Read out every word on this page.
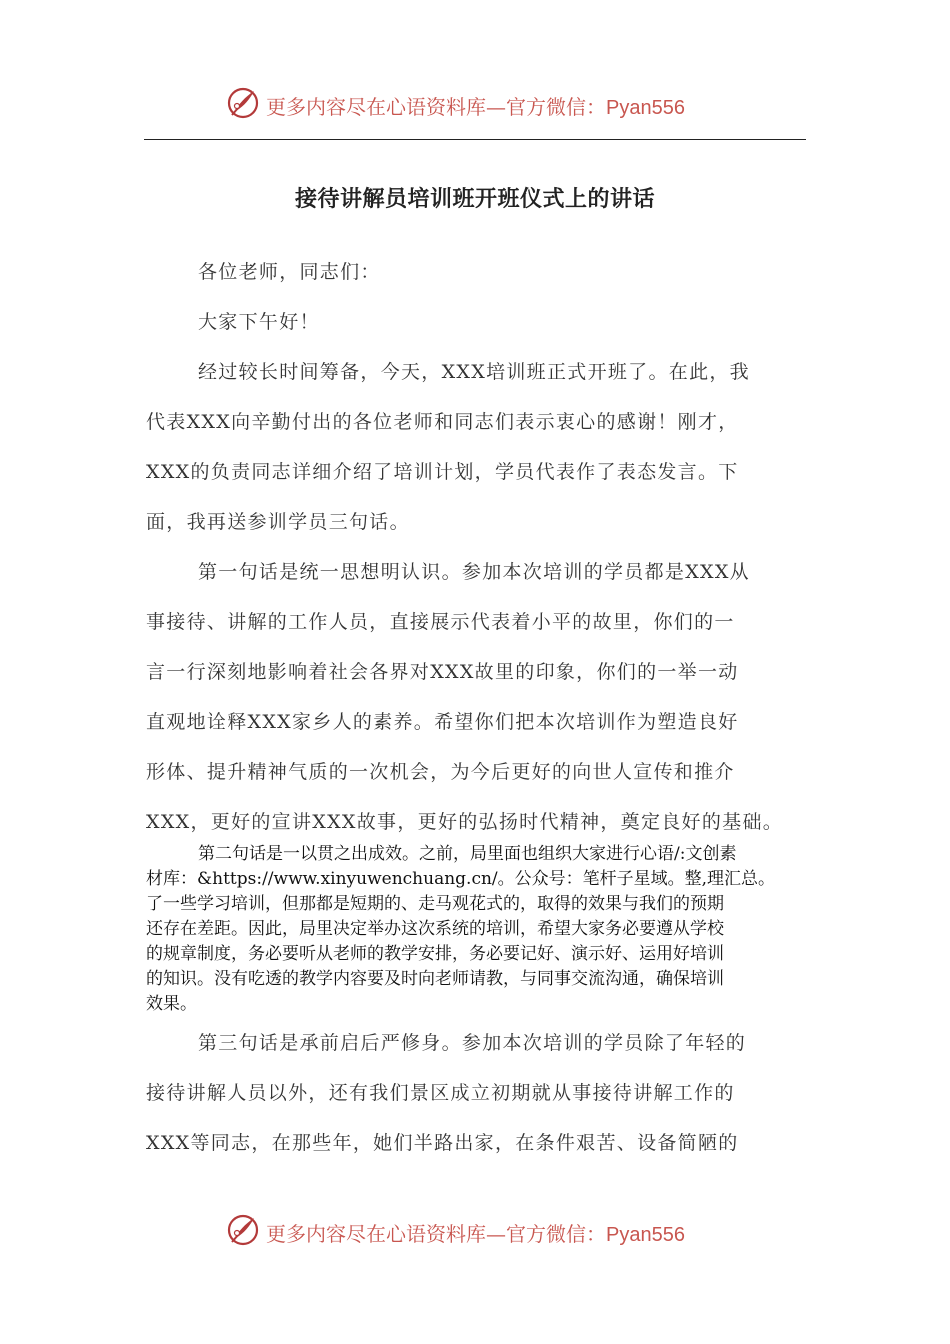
更多内容尽在心语资料库—官方微信：Pyan556
接待讲解员培训班开班仪式上的讲话
各位老师，同志们：
大家下午好！
经过较长时间筹备，今天，XXX培训班正式开班了。在此，我
代表XXX向辛勤付出的各位老师和同志们表示衷心的感谢！刚才，
XXX的负责同志详细介绍了培训计划，学员代表作了表态发言。下
面，我再送参训学员三句话。
第一句话是统一思想明认识。参加本次培训的学员都是XXX从
事接待、讲解的工作人员，直接展示代表着小平的故里，你们的一
言一行深刻地影响着社会各界对XXX故里的印象，你们的一举一动
直观地诠释XXX家乡人的素养。希望你们把本次培训作为塑造良好
形体、提升精神气质的一次机会，为今后更好的向世人宣传和推介
XXX，更好的宣讲XXX故事，更好的弘扬时代精神，奠定良好的基础。
第二句话是一以贯之出成效。之前，局里面也组织大家进行心语/:文创素
材库：&https://www.xinyuwenchuang.cn/。公众号：笔杆子星域。整,理汇总。
了一些学习培训，但那都是短期的、走马观花式的，取得的效果与我们的预期
还存在差距。因此，局里决定举办这次系统的培训，希望大家务必要遵从学校
的规章制度，务必要听从老师的教学安排，务必要记好、演示好、运用好培训
的知识。没有吃透的教学内容要及时向老师请教，与同事交流沟通，确保培训
效果。
第三句话是承前启后严修身。参加本次培训的学员除了年轻的
接待讲解人员以外，还有我们景区成立初期就从事接待讲解工作的
XXX等同志，在那些年，她们半路出家，在条件艰苦、设备简陋的
更多内容尽在心语资料库—官方微信：Pyan556
